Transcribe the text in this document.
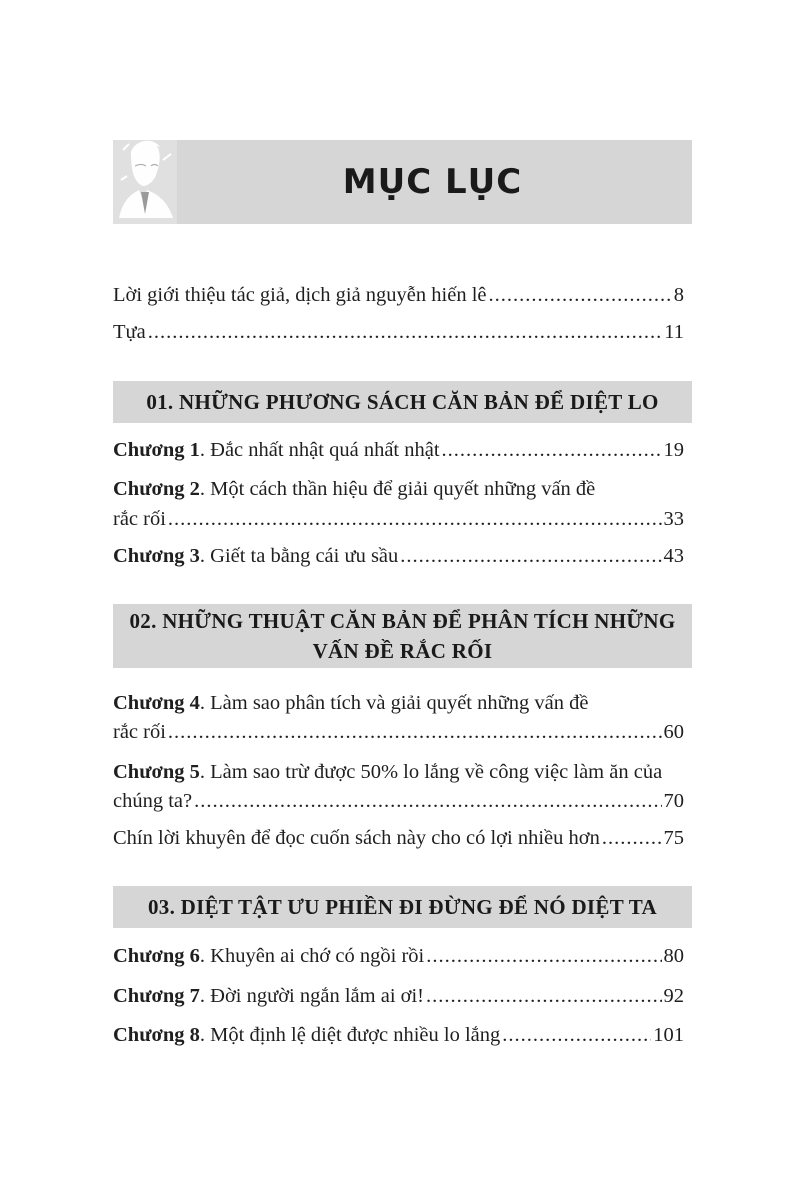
MỤC LỤC
Lời giới thiệu tác giả, dịch giả nguyễn hiến lê .....	8
Tựa .....	11
01. NHỮNG PHƯƠNG SÁCH CĂN BẢN ĐỂ DIỆT LO
Chương 1. Đắc nhất nhật quá nhất nhật .....	19
Chương 2. Một cách thần hiệu để giải quyết những vấn đề
rắc rối .....	33
Chương 3. Giết ta bằng cái ưu sầu .....	43
02. NHỮNG THUẬT CĂN BẢN ĐỂ PHÂN TÍCH NHỮNG
VẤN ĐỀ RẮC RỐI
Chương 4. Làm sao phân tích và giải quyết những vấn đề
rắc rối .....	60
Chương 5. Làm sao trừ được 50% lo lắng về công việc làm ăn của
chúng ta? .....	70
Chín lời khuyên để đọc cuốn sách này cho có lợi nhiều hơn .....	75
03. DIỆT TẬT ƯU PHIỀN ĐI ĐỪNG ĐỂ NÓ DIỆT TA
Chương 6. Khuyên ai chớ có ngồi rồi .....	80
Chương 7. Đời người ngắn lắm ai ơi! .....	92
Chương 8. Một định lệ diệt được nhiều lo lắng .....	101
